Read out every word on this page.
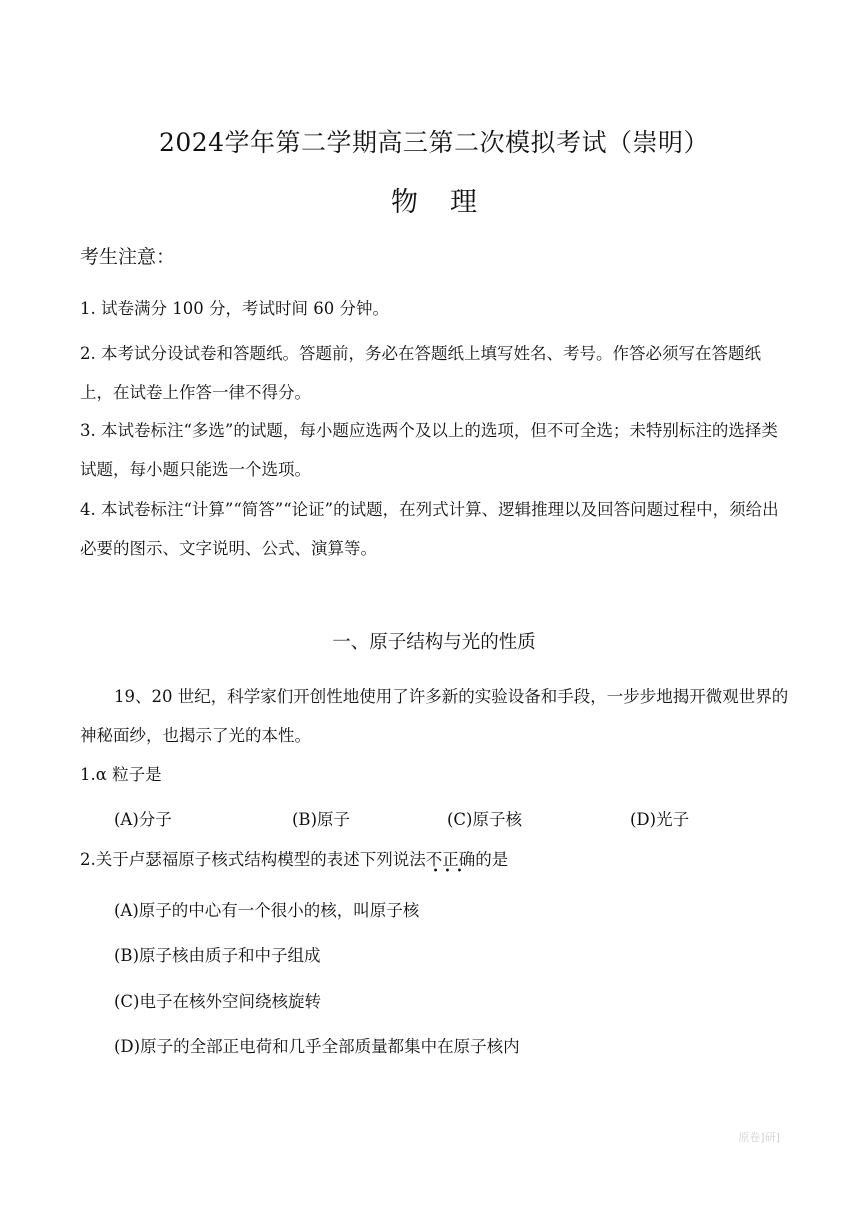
2024学年第二学期高三第二次模拟考试（崇明）
物理
考生注意：
1. 试卷满分 100 分，考试时间 60 分钟。
2. 本考试分设试卷和答题纸。答题前，务必在答题纸上填写姓名、考号。作答必须写在答题纸上，在试卷上作答一律不得分。
3. 本试卷标注“多选”的试题，每小题应选两个及以上的选项，但不可全选；未特别标注的选择类试题，每小题只能选一个选项。
4. 本试卷标注“计算”“简答”“论证”的试题，在列式计算、逻辑推理以及回答问题过程中，须给出必要的图示、文字说明、公式、演算等。
一、原子结构与光的性质
19、20 世纪，科学家们开创性地使用了许多新的实验设备和手段，一步步地揭开微观世界的神秘面纱，也揭示了光的本性。
1.α 粒子是
(A)分子	(B)原子	(C)原子核	(D)光子
2.关于卢瑟福原子核式结构模型的表述下列说法不正确
•••
的是
(A)原子的中心有一个很小的核，叫原子核
(B)原子核由质子和中子组成
(C)电子在核外空间绕核旋转
(D)原子的全部正电荷和几乎全部质量都集中在原子核内
原卷]研]
